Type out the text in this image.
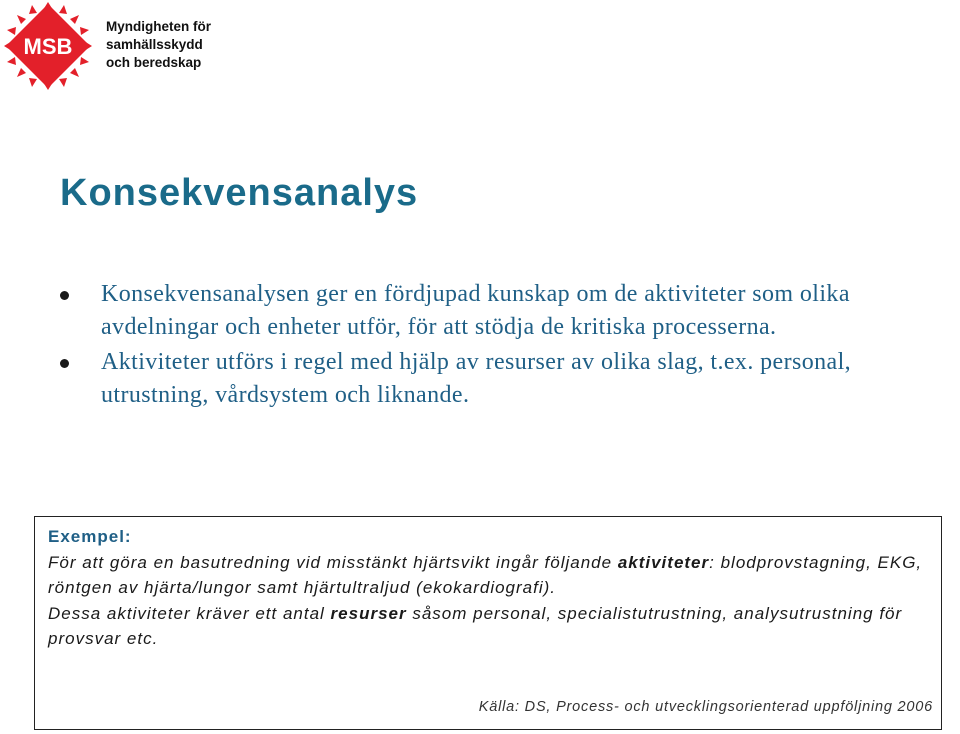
MSB
Myndigheten för
samhällsskydd
och beredskap
Konsekvensanalys
Konsekvensanalysen ger en fördjupad kunskap om de aktiviteter som olika avdelningar och enheter utför, för att stödja de kritiska processerna.
Aktiviteter utförs i regel med hjälp av resurser av olika slag, t.ex. personal, utrustning, vårdsystem och liknande.
Exempel:
För att göra en basutredning vid misstänkt hjärtsvikt ingår följande aktiviteter: blodprovstagning, EKG, röntgen av hjärta/lungor samt hjärtultraljud (ekokardiografi).
Dessa aktiviteter kräver ett antal resurser såsom personal, specialistutrustning, analysutrustning för provsvar etc.
Källa: DS, Process- och utvecklingsorienterad uppföljning 2006
